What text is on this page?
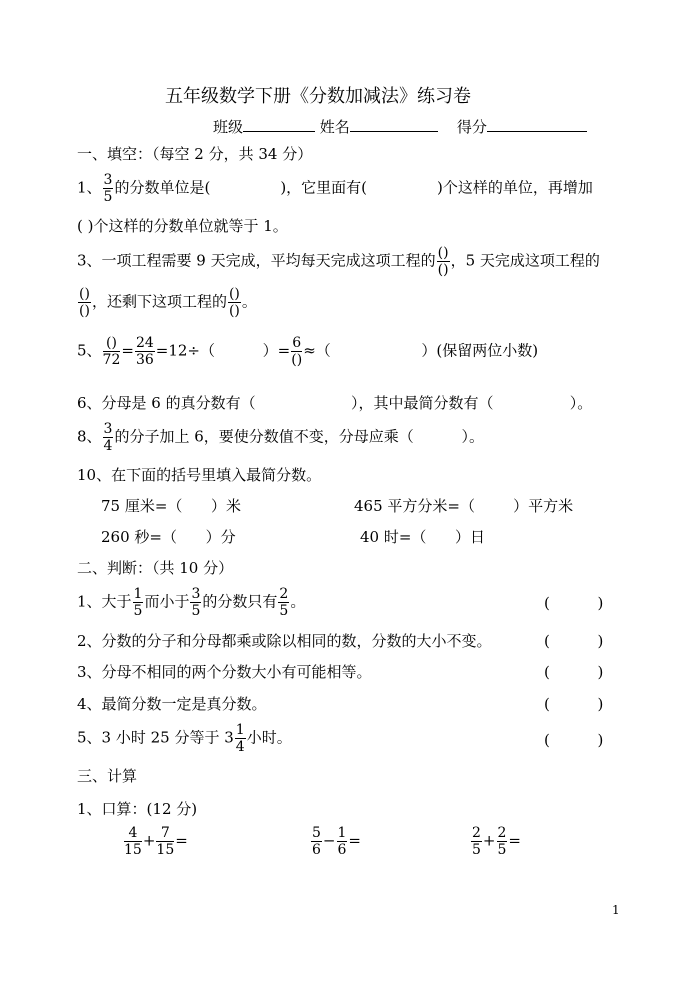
五年级数学下册《分数加减法》练习卷
班级	姓名	得分
一、填空：（每空 2 分，共 34 分）
1、 $\frac{3}{5}$ 的分数单位是(	)，它里面有(	)个这样的单位，再增加
( )个这样的分数单位就等于 1。
3、一项工程需要 9 天完成，平均每天完成这项工程的 $\frac{()}{()}$ ，5 天完成这项工程的
$\frac{()}{()}$ ，还剩下这项工程的 $\frac{()}{()}$ 。
5、 $\frac{()}{72} = \frac{24}{36} =12\div$（          ）= $\frac{6}{()}$ ≈（                   ）(保留两位小数)
6、分母是 6 的真分数有（                    ），其中最简分数有（                ）。
8、 $\frac{3}{4}$ 的分子加上 6，要使分数值不变，分母应乘（          ）。
10、在下面的括号里填入最简分数。
75 厘米=（      ）米	465 平方分米=（        ）平方米
260 秒=（      ）分	40 时=（      ）日
二、判断：（共 10 分）
1、大于 $\frac{1}{5}$ 而小于 $\frac{3}{5}$ 的分数只有 $\frac{2}{5}$ 。	(          )
2、分数的分子和分母都乘或除以相同的数，分数的大小不变。	(          )
3、分母不相同的两个分数大小有可能相等。	(          )
4、最简分数一定是真分数。	(          )
5、3 小时 25 分等于 $3 \frac{1}{4}$ 小时。	(          )
三、计算
1、口算：(12 分)
$\frac{4}{15} + \frac{7}{15}$ =	$\frac{5}{6} - \frac{1}{6}$ =	$\frac{2}{5} + \frac{2}{5}$ =
1
